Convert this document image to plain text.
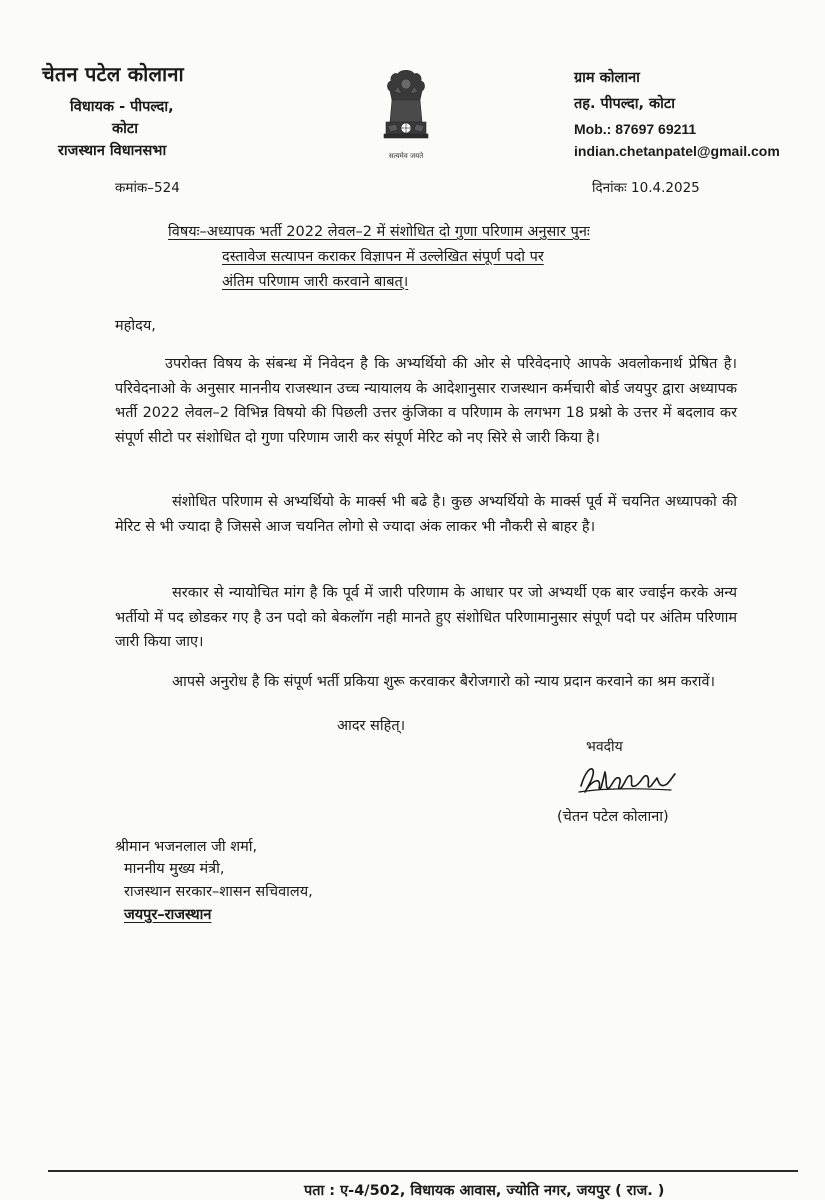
चेतन पटेल कोलाना
विधायक - पीपल्दा,
कोटा
राजस्थान विधानसभा	सत्यमेव जयते
ग्राम कोलाना
तह. पीपल्दा, कोटा
Mob.: 87697 69211
indian.chetanpatel@gmail.com
कमांक–524	दिनांकः 10.4.2025
विषयः–अध्यापक भर्ती 2022 लेवल–2 में संशोधित दो गुणा परिणाम अनुसार पुनः
दस्तावेज सत्यापन कराकर विज्ञापन में उल्लेखित संपूर्ण पदो पर
अंतिम परिणाम जारी करवाने बाबत्।
महोदय,
उपरोक्त विषय के संबन्ध में निवेदन है कि अभ्यर्थियो की ओर से परिवेदनाऐ आपके अवलोकनार्थ प्रेषित है। परिवेदनाओ के अनुसार माननीय राजस्थान उच्च न्यायालय के आदेशानुसार राजस्थान कर्मचारी बोर्ड जयपुर द्वारा अध्यापक भर्ती 2022 लेवल–2 विभिन्न विषयो की पिछली उत्तर कुंजिका व परिणाम के लगभग 18 प्रश्नो के उत्तर में बदलाव कर संपूर्ण सीटो पर संशोधित दो गुणा परिणाम जारी कर संपूर्ण मेरिट को नए सिरे से जारी किया है।
संशोधित परिणाम से अभ्यर्थियो के मार्क्स भी बढे है। कुछ अभ्यर्थियो के मार्क्स पूर्व में चयनित अध्यापको की मेरिट से भी ज्यादा है जिससे आज चयनित लोगो से ज्यादा अंक लाकर भी नौकरी से बाहर है।
सरकार से न्यायोचित मांग है कि पूर्व में जारी परिणाम के आधार पर जो अभ्यर्थी एक बार ज्वाईन करके अन्य भर्तीयो में पद छोडकर गए है उन पदो को बेकलॉग नही मानते हुए संशोधित परिणामानुसार संपूर्ण पदो पर अंतिम परिणाम जारी किया जाए।
आपसे अनुरोध है कि संपूर्ण भर्ती प्रकिया शुरू करवाकर बैरोजगारो को न्याय प्रदान करवाने का श्रम करावें।
आदर सहित्।
भवदीय
(चेतन पटेल कोलाना)
श्रीमान भजनलाल जी शर्मा,
माननीय मुख्य मंत्री,
राजस्थान सरकार–शासन सचिवालय,
जयपुर–राजस्थान
पता : ए-4/502, विधायक आवास, ज्योति नगर, जयपुर ( राज. )
